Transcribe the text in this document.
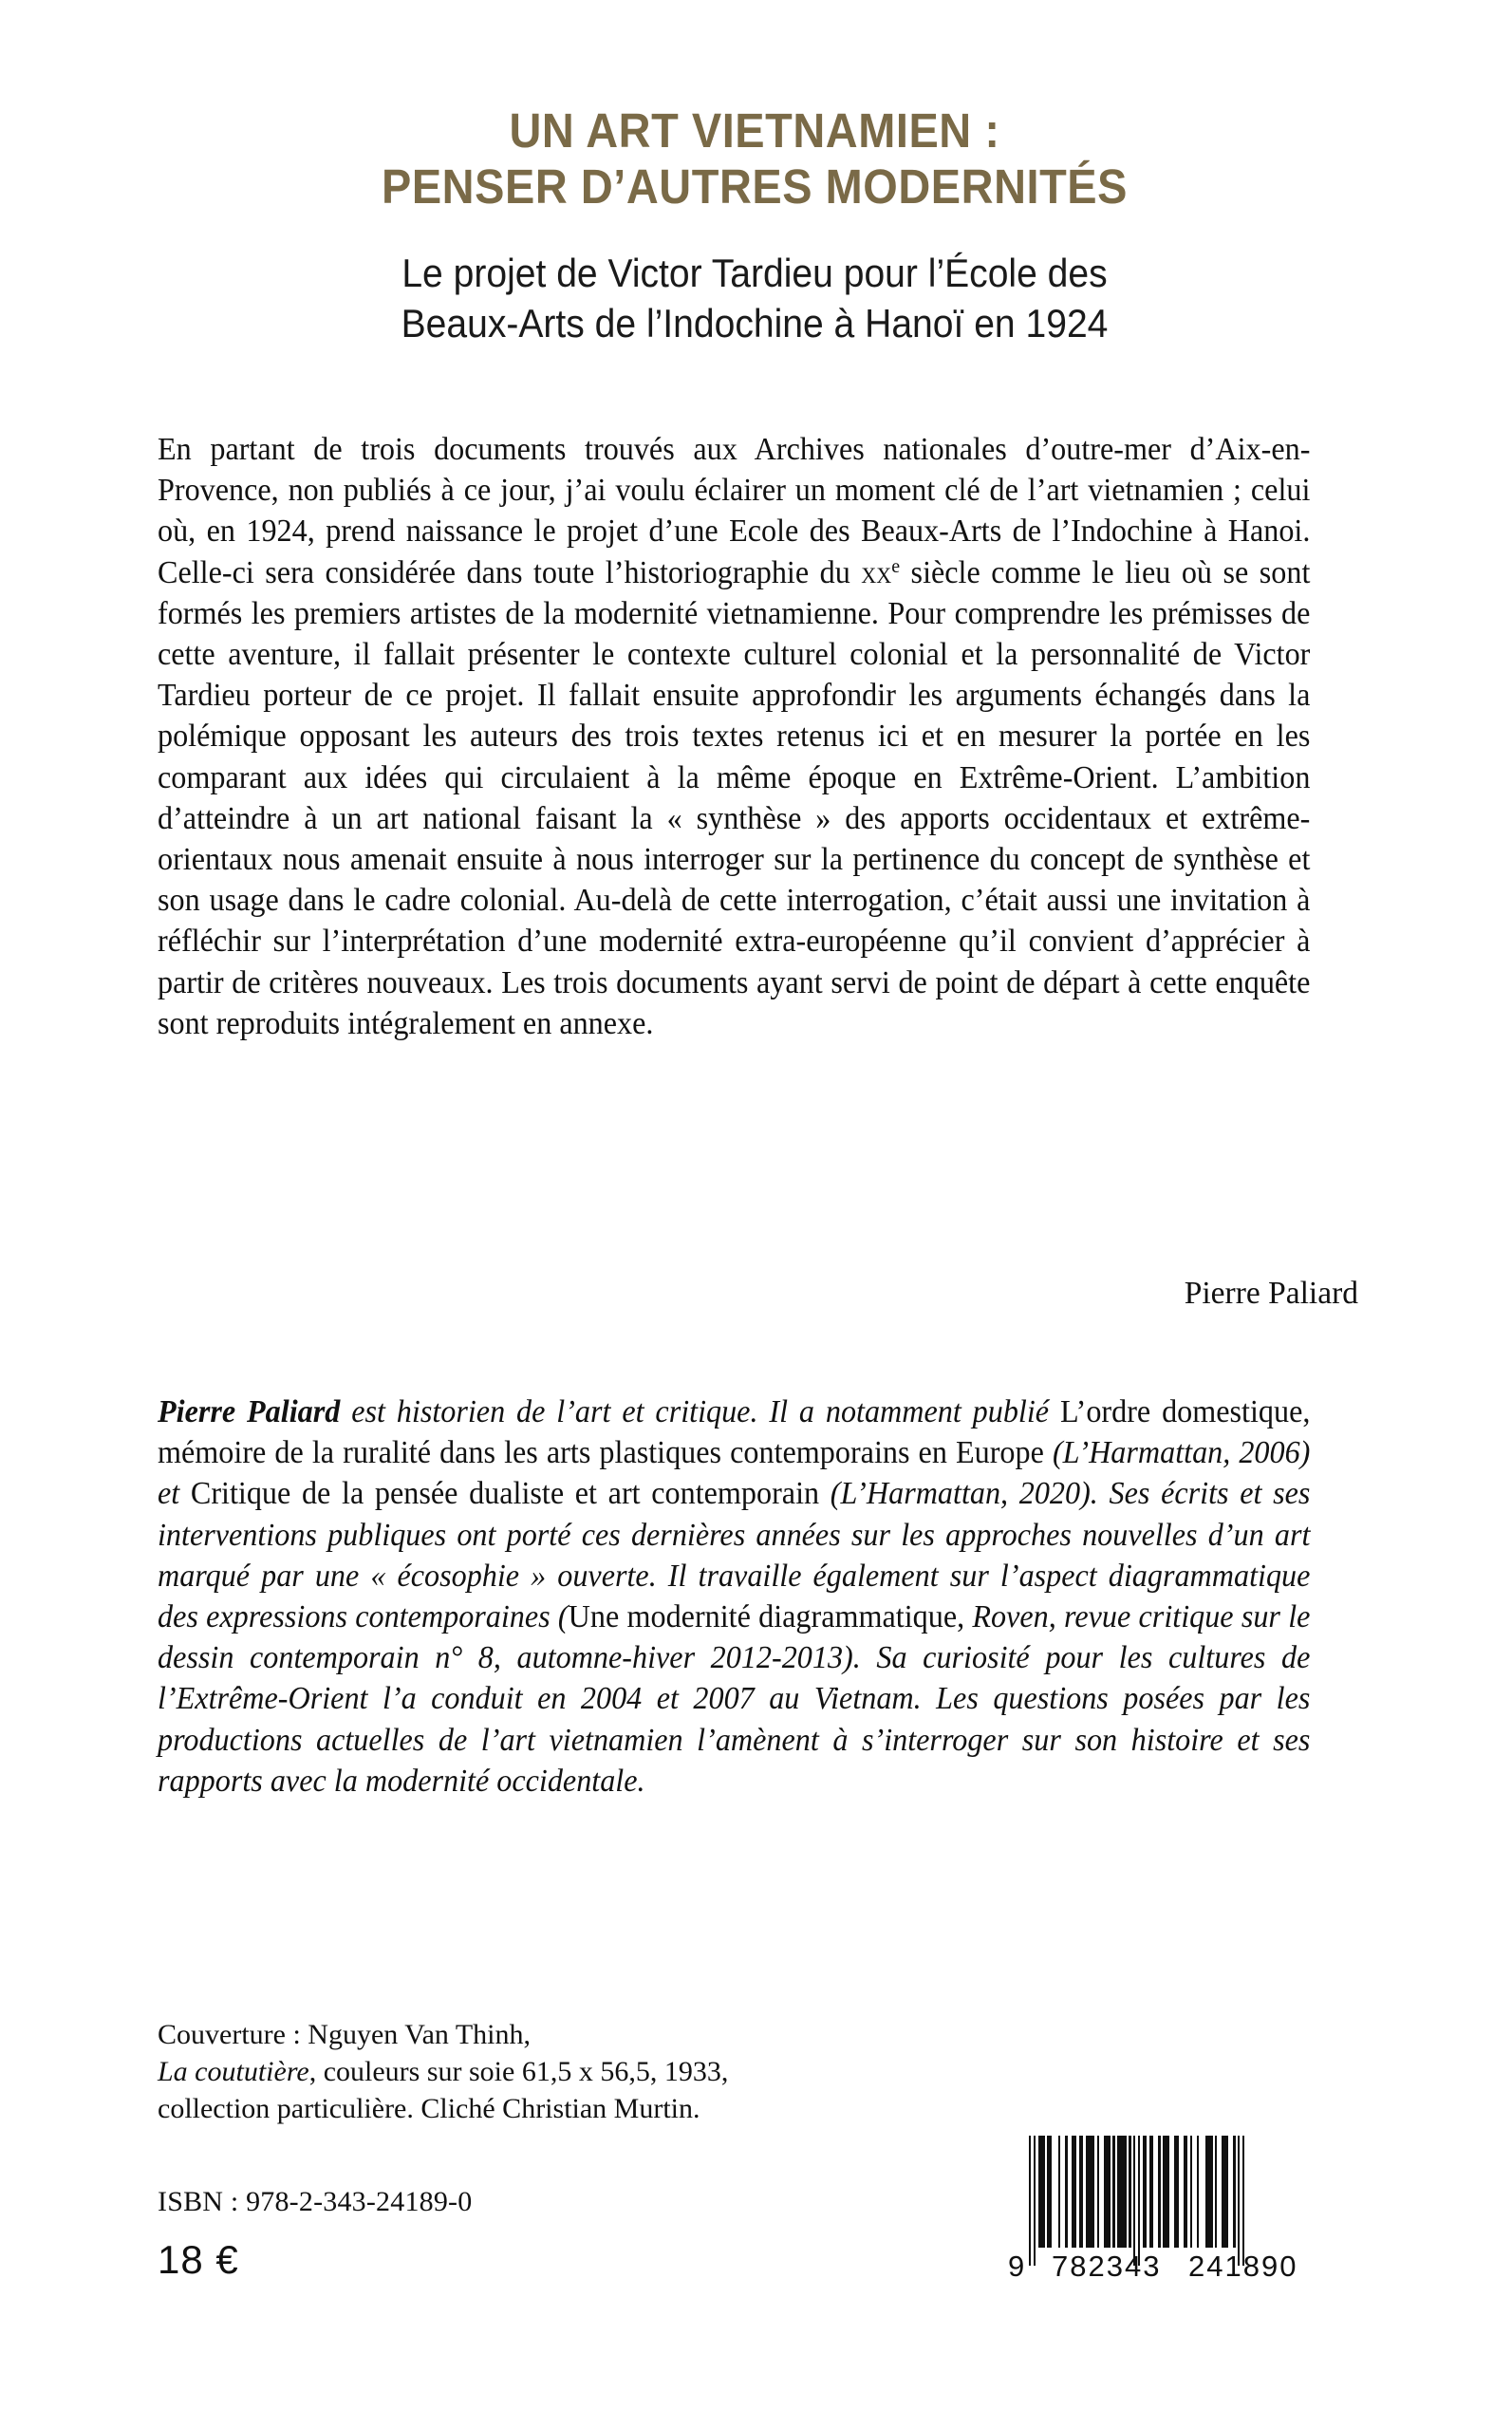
UN ART VIETNAMIEN :
PENSER D’AUTRES MODERNITÉS
Le projet de Victor Tardieu pour l’École des
Beaux-Arts de l’Indochine à Hanoï en 1924

En partant de trois documents trouvés aux Archives nationales d’outre-mer d’Aix-en-Provence, non publiés à ce jour, j’ai voulu éclairer un moment clé de l’art vietnamien ; celui où, en 1924, prend naissance le projet d’une Ecole des Beaux-Arts de l’Indochine à Hanoi. Celle-ci sera considérée dans toute l’historiographie du $xx^e$ siècle comme le lieu où se sont formés les premiers artistes de la modernité vietnamienne. Pour comprendre les prémisses de cette aventure, il fallait présenter le contexte culturel colonial et la personnalité de Victor Tardieu porteur de ce projet. Il fallait ensuite approfondir les arguments échangés dans la polémique opposant les auteurs des trois textes retenus ici et en mesurer la portée en les comparant aux idées qui circulaient à la même époque en Extrême-Orient. L’ambition d’atteindre à un art national faisant la « synthèse » des apports occidentaux et extrême-orientaux nous amenait ensuite à nous interroger sur la pertinence du concept de synthèse et son usage dans le cadre colonial. Au-delà de cette interrogation, c’était aussi une invitation à réfléchir sur l’interprétation d’une modernité extra-européenne qu’il convient d’apprécier à partir de critères nouveaux. Les trois documents ayant servi de point de départ à cette enquête sont reproduits intégralement en annexe.

Pierre Paliard

Pierre Paliard est historien de l’art et critique. Il a notamment publié L’ordre domestique, mémoire de la ruralité dans les arts plastiques contemporains en Europe (L’Harmattan, 2006) et Critique de la pensée dualiste et art contemporain (L’Harmattan, 2020). Ses écrits et ses interventions publiques ont porté ces dernières années sur les approches nouvelles d’un art marqué par une « écosophie » ouverte. Il travaille également sur l’aspect diagrammatique des expressions contemporaines (Une modernité diagrammatique, Roven, revue critique sur le dessin contemporain n° 8, automne-hiver 2012-2013). Sa curiosité pour les cultures de l’Extrême-Orient l’a conduit en 2004 et 2007 au Vietnam. Les questions posées par les productions actuelles de l’art vietnamien l’amènent à s’interroger sur son histoire et ses rapports avec la modernité occidentale.

Couverture : Nguyen Van Thinh,
La coututière, couleurs sur soie 61,5 x 56,5, 1933,
collection particulière. Cliché Christian Murtin.
ISBN : 978-2-343-24189-0
18 €	9 782343 241890
